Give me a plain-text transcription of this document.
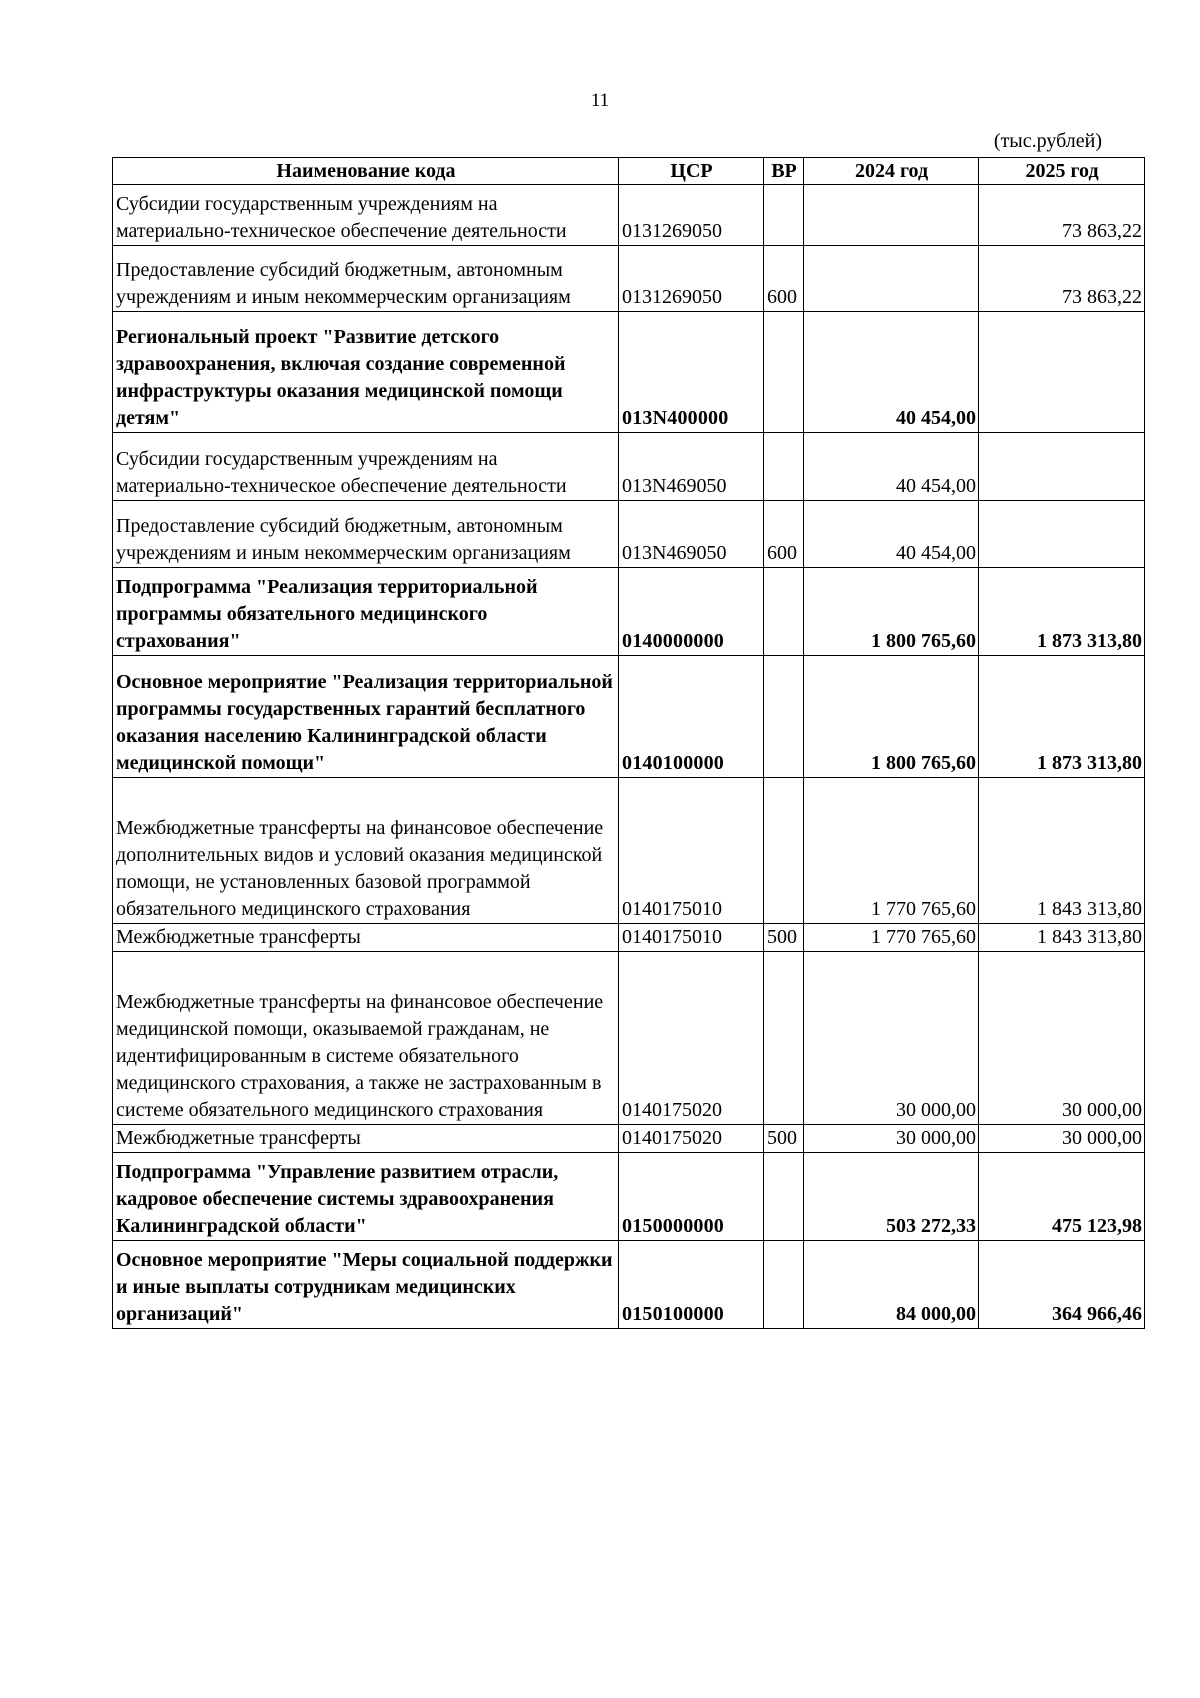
11
(тыс.рублей)
Наименование кода	ЦСР	ВР	2024 год	2025 год

Субсидии государственным учреждениям на материально-техническое обеспечение деятельности	0131269050			73 863,22

Предоставление субсидий бюджетным, автономным учреждениям и иным некоммерческим организациям	0131269050	600		73 863,22

Региональный проект "Развитие детского здравоохранения, включая создание современной инфраструктуры оказания медицинской помощи детям"	013N400000		40 454,00	

Субсидии государственным учреждениям на материально-техническое обеспечение деятельности	013N469050		40 454,00	

Предоставление субсидий бюджетным, автономным учреждениям и иным некоммерческим организациям	013N469050	600	40 454,00	

Подпрограмма "Реализация территориальной программы обязательного медицинского страхования"	0140000000		1 800 765,60	1 873 313,80

Основное мероприятие "Реализация территориальной программы государственных гарантий бесплатного оказания населению Калининградской области медицинской помощи"	0140100000		1 800 765,60	1 873 313,80

Межбюджетные трансферты на финансовое обеспечение дополнительных видов и условий оказания медицинской помощи, не установленных базовой программой обязательного медицинского страхования	0140175010		1 770 765,60	1 843 313,80

Межбюджетные трансферты	0140175010	500	1 770 765,60	1 843 313,80

Межбюджетные трансферты на финансовое обеспечение медицинской помощи, оказываемой гражданам, не идентифицированным в системе обязательного медицинского страхования, а также не застрахованным в системе обязательного медицинского страхования	0140175020		30 000,00	30 000,00

Межбюджетные трансферты	0140175020	500	30 000,00	30 000,00

Подпрограмма "Управление развитием отрасли, кадровое обеспечение системы здравоохранения Калининградской области"	0150000000		503 272,33	475 123,98

Основное мероприятие "Меры социальной поддержки и иные выплаты сотрудникам медицинских организаций"	0150100000		84 000,00	364 966,46
